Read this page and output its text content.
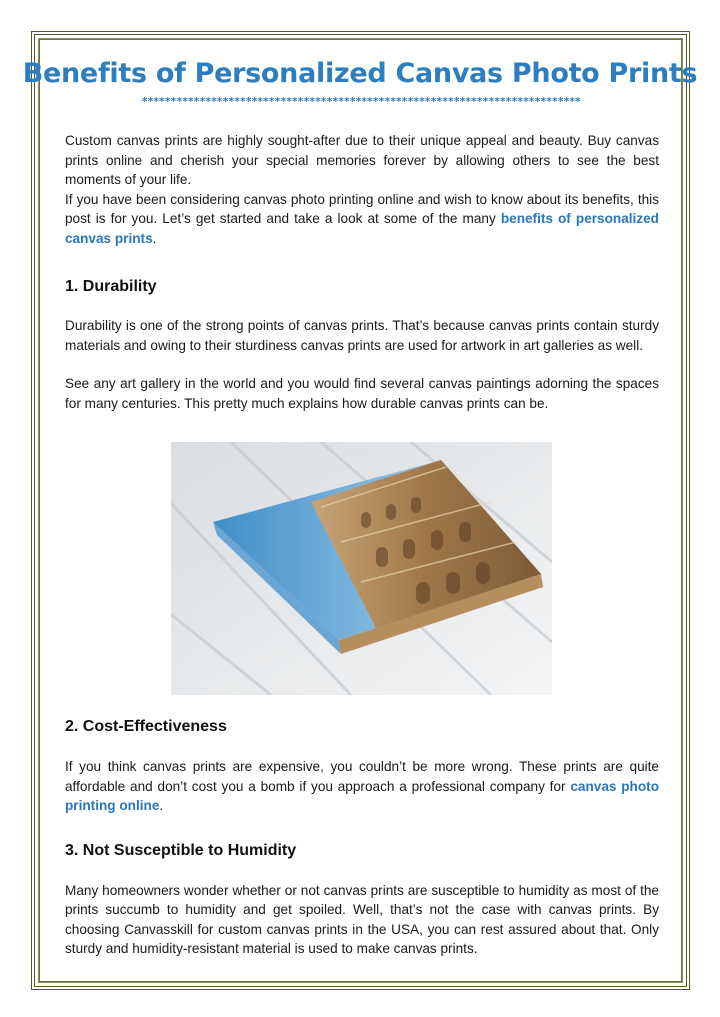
Benefits of Personalized Canvas Photo Prints
****************************************************************************

Custom canvas prints are highly sought-after due to their unique appeal and beauty. Buy canvas prints online and cherish your special memories forever by allowing others to see the best moments of your life.

If you have been considering canvas photo printing online and wish to know about its benefits, this post is for you. Let’s get started and take a look at some of the many benefits of personalized canvas prints.

1. Durability

Durability is one of the strong points of canvas prints. That’s because canvas prints contain sturdy materials and owing to their sturdiness canvas prints are used for artwork in art galleries as well.

See any art gallery in the world and you would find several canvas paintings adorning the spaces for many centuries. This pretty much explains how durable canvas prints can be.

2. Cost-Effectiveness

If you think canvas prints are expensive, you couldn’t be more wrong. These prints are quite affordable and don’t cost you a bomb if you approach a professional company for canvas photo printing online.

3. Not Susceptible to Humidity

Many homeowners wonder whether or not canvas prints are susceptible to humidity as most of the prints succumb to humidity and get spoiled. Well, that’s not the case with canvas prints. By choosing Canvasskill for custom canvas prints in the USA, you can rest assured about that. Only sturdy and humidity-resistant material is used to make canvas prints.
